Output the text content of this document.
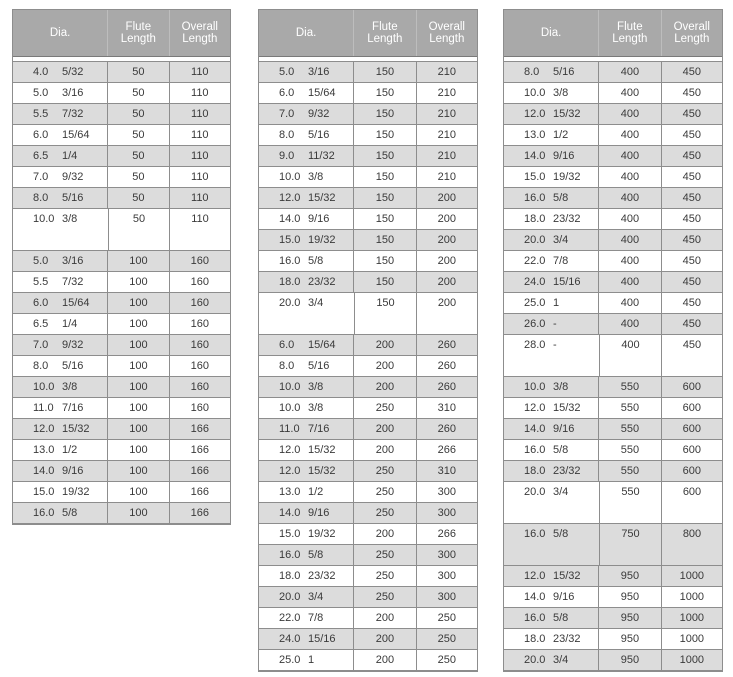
Dia.	Flute
Length
Overall
Length
4.0	5/32	50	110
5.0	3/16	50	110
5.5	7/32	50	110
6.0	15/64	50	110
6.5	1/4	50	110
7.0	9/32	50	110
8.0	5/16	50	110
10.0 3/8	50	110
5.0	3/16	100	160
5.5	7/32	100	160
6.0	15/64	100	160
6.5	1/4	100	160
7.0	9/32	100	160
8.0	5/16	100	160
10.0 3/8	100	160
11.0 7/16	100	160
12.0 15/32	100	166
13.0 1/2	100	166
14.0 9/16	100	166
15.0 19/32	100	166
16.0 5/8	100	166
Dia.	Flute
Length
Overall
Length
5.0	3/16	150	210
6.0	15/64	150	210
7.0	9/32	150	210
8.0	5/16	150	210
9.0	11/32	150	210
10.0 3/8	150	210
12.0 15/32	150	200
14.0 9/16	150	200
15.0 19/32	150	200
16.0 5/8	150	200
18.0 23/32	150	200
20.0 3/4	150	200
6.0	15/64	200	260
8.0	5/16	200	260
10.0 3/8	200	260
10.0 3/8	250	310
11.0 7/16	200	260
12.0 15/32	200	266
12.0 15/32	250	310
13.0 1/2	250	300
14.0 9/16	250	300
15.0 19/32	200	266
16.0 5/8	250	300
18.0 23/32	250	300
20.0 3/4	250	300
22.0 7/8	200	250
24.0 15/16	200	250
25.0 1	200	250
Dia.	Flute
Length
Overall
Length
8.0	5/16	400	450
10.0 3/8	400	450
12.0 15/32	400	450
13.0 1/2	400	450
14.0 9/16	400	450
15.0 19/32	400	450
16.0 5/8	400	450
18.0 23/32	400	450
20.0 3/4	400	450
22.0 7/8	400	450
24.0 15/16	400	450
25.0 1	400	450
26.0 -	400	450
28.0 -	400	450
10.0 3/8	550	600
12.0 15/32	550	600
14.0 9/16	550	600
16.0 5/8	550	600
18.0 23/32	550	600
20.0 3/4	550	600
16.0 5/8	750	800
12.0 15/32	950	1000
14.0 9/16	950	1000
16.0 5/8	950	1000
18.0 23/32	950	1000
20.0 3/4	950	1000
